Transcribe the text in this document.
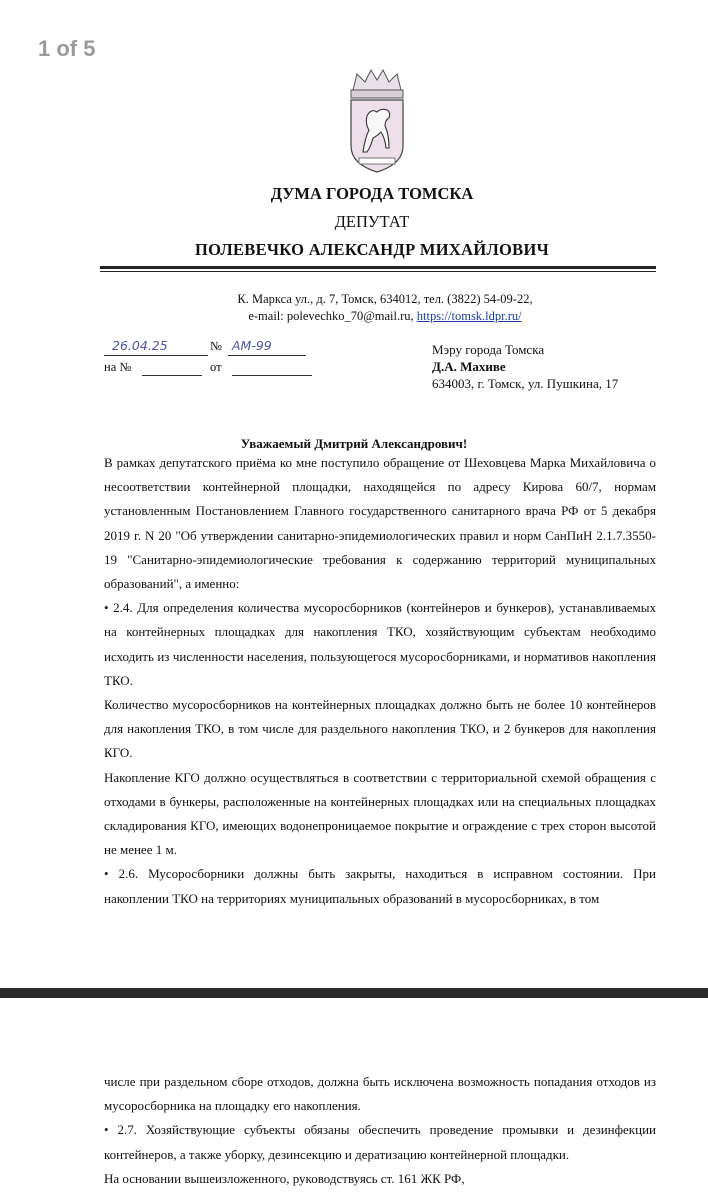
1 of 5
ДУМА ГОРОДА ТОМСКА
ДЕПУТАТ
ПОЛЕВЕЧКО АЛЕКСАНДР МИХАЙЛОВИЧ
К. Маркса ул., д. 7, Томск, 634012, тел. (3822) 54-09-22,
e-mail: polevechko_70@mail.ru, https://tomsk.ldpr.ru/
26.04.25	№ АМ-99
на №	от
Мэру города Томска
Д.А. Махиве
634003, г. Томск, ул. Пушкина, 17
Уважаемый Дмитрий Александрович!

В рамках депутатского приёма ко мне поступило обращение от Шеховцева Марка Михайловича о несоответствии контейнерной площадки, находящейся по адресу Кирова 60/7, нормам установленным Постановлением Главного государственного санитарного врача РФ от 5 декабря 2019 г. N 20 "Об утверждении санитарно-эпидемиологических правил и норм СанПиН 2.1.7.3550-19 "Санитарно-эпидемиологические требования к содержанию территорий муниципальных образований", а именно:

• 2.4. Для определения количества мусоросборников (контейнеров и бункеров), устанавливаемых на контейнерных площадках для накопления ТКО, хозяйствующим субъектам необходимо исходить из численности населения, пользующегося мусоросборниками, и нормативов накопления ТКО.

Количество мусоросборников на контейнерных площадках должно быть не более 10 контейнеров для накопления ТКО, в том числе для раздельного накопления ТКО, и 2 бункеров для накопления КГО.

Накопление КГО должно осуществляться в соответствии с территориальной схемой обращения с отходами в бункеры, расположенные на контейнерных площадках или на специальных площадках складирования КГО, имеющих водонепроницаемое покрытие и ограждение с трех сторон высотой не менее 1 м.

• 2.6. Мусоросборники должны быть закрыты, находиться в исправном состоянии. При накоплении ТКО на территориях муниципальных образований в мусоросборниках, в том

числе при раздельном сборе отходов, должна быть исключена возможность попадания отходов из мусоросборника на площадку его накопления.

• 2.7. Хозяйствующие субъекты обязаны обеспечить проведение промывки и дезинфекции контейнеров, а также уборку, дезинсекцию и дератизацию контейнерной площадки.

На основании вышеизложенного, руководствуясь ст. 161 ЖК РФ,
